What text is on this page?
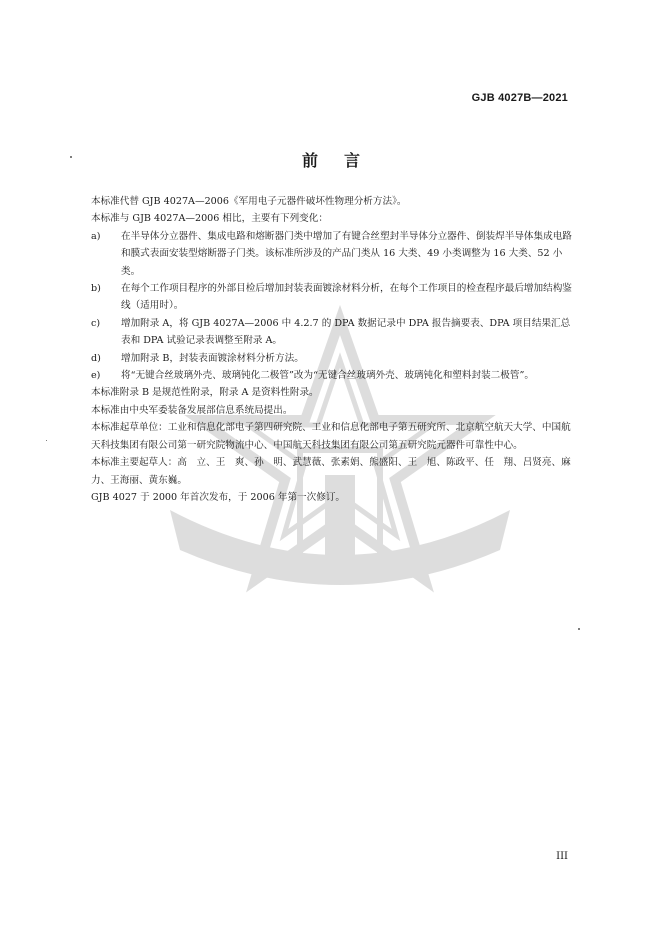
GJB 4027B—2021
前言

本标准代替 GJB 4027A—2006《军用电子元器件破坏性物理分析方法》。

本标准与 GJB 4027A—2006 相比，主要有下列变化：

a)	在半导体分立器件、集成电路和熔断器门类中增加了有键合丝塑封半导体分立器件、倒装焊半导体集成电路和膜式表面安装型熔断器子门类。该标准所涉及的产品门类从 16 大类、49 小类调整为 16 大类、52 小类。
b)	在每个工作项目程序的外部目检后增加封装表面镀涂材料分析，在每个工作项目的检查程序最后增加结构鉴线（适用时）。
c)	增加附录 A，将 GJB 4027A—2006 中 4.2.7 的 DPA 数据记录中 DPA 报告摘要表、DPA 项目结果汇总表和 DPA 试验记录表调整至附录 A。
d)	增加附录 B，封装表面镀涂材料分析方法。
e)	将“无键合丝玻璃外壳、玻璃钝化二极管”改为“无键合丝玻璃外壳、玻璃钝化和塑料封装二极管”。

本标准附录 B 是规范性附录，附录 A 是资料性附录。

本标准由中央军委装备发展部信息系统局提出。

本标准起草单位：工业和信息化部电子第四研究院、工业和信息化部电子第五研究所、北京航空航天大学、中国航天科技集团有限公司第一研究院物流中心、中国航天科技集团有限公司第五研究院元器件可靠性中心。

本标准主要起草人：高　立、王　爽、孙　明、武慧薇、张素娟、熊盛阳、王　旭、陈政平、任　翔、吕贤亮、麻　力、王海丽、黄东巍。

GJB 4027 于 2000 年首次发布，于 2006 年第一次修订。

III
